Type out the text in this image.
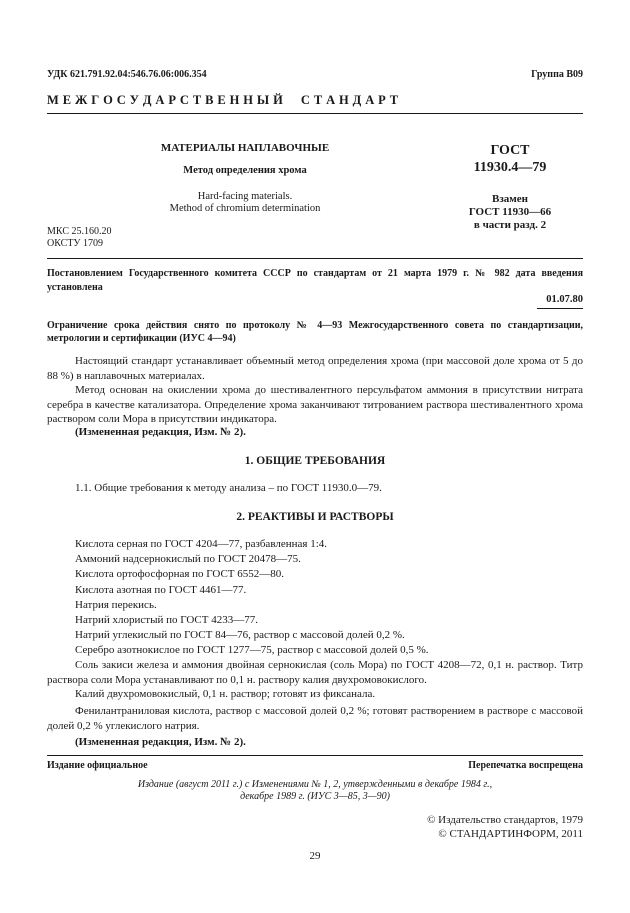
УДК 621.791.92.04:546.76.06:006.354	Группа В09
М Е Ж Г О С У Д А Р С Т В Е Н Н Ы Й     С Т А Н Д А Р Т
МАТЕРИАЛЫ НАПЛАВОЧНЫЕ
Метод определения хрома
Hard-facing materials.
Method of chromium determination
ГОСТ
11930.4—79
Взамен
ГОСТ 11930—66
в части разд. 2
МКС 25.160.20
ОКСТУ 1709
Постановлением Государственного комитета СССР по стандартам от 21 марта 1979 г. № 982 дата введения установлена
01.07.80
Ограничение срока действия снято по протоколу № 4—93 Межгосударственного совета по стандартизации, метрологии и сертификации (ИУС 4—94)
Настоящий стандарт устанавливает объемный метод определения хрома (при массовой доле хрома от 5 до 88 %) в наплавочных материалах.
Метод основан на окислении хрома до шестивалентного персульфатом аммония в присутствии нитрата серебра в качестве катализатора. Определение хрома заканчивают титрованием раствора шестивалентного хрома раствором соли Мора в присутствии индикатора.
(Измененная редакция, Изм. № 2).
1. ОБЩИЕ ТРЕБОВАНИЯ
1.1. Общие требования к методу анализа – по ГОСТ 11930.0—79.
2. РЕАКТИВЫ И РАСТВОРЫ
Кислота серная по ГОСТ 4204—77, разбавленная 1:4.
Аммоний надсернокислый по ГОСТ 20478—75.
Кислота ортофосфорная по ГОСТ 6552—80.
Кислота азотная по ГОСТ 4461—77.
Натрия перекись.
Натрий хлористый по ГОСТ 4233—77.
Натрий углекислый по ГОСТ 84—76, раствор с массовой долей 0,2 %.
Серебро азотнокислое по ГОСТ 1277—75, раствор с массовой долей 0,5 %.
Соль закиси железа и аммония двойная сернокислая (соль Мора) по ГОСТ 4208—72, 0,1 н. раствор. Титр раствора соли Мора устанавливают по 0,1 н. раствору калия двухромовокислого.
Калий двухромовокислый, 0,1 н. раствор; готовят из фиксанала.
Фенилантраниловая кислота, раствор с массовой долей 0,2 %; готовят растворением в растворе с массовой долей 0,2 % углекислого натрия.
(Измененная редакция, Изм. № 2).
Издание официальное	Перепечатка воспрещена
Издание (август 2011 г.) с Изменениями № 1, 2, утвержденными в декабре 1984 г.,
декабре 1989 г. (ИУС 3—85, 3—90)
© Издательство стандартов, 1979
© СТАНДАРТИНФОРМ, 2011
29
